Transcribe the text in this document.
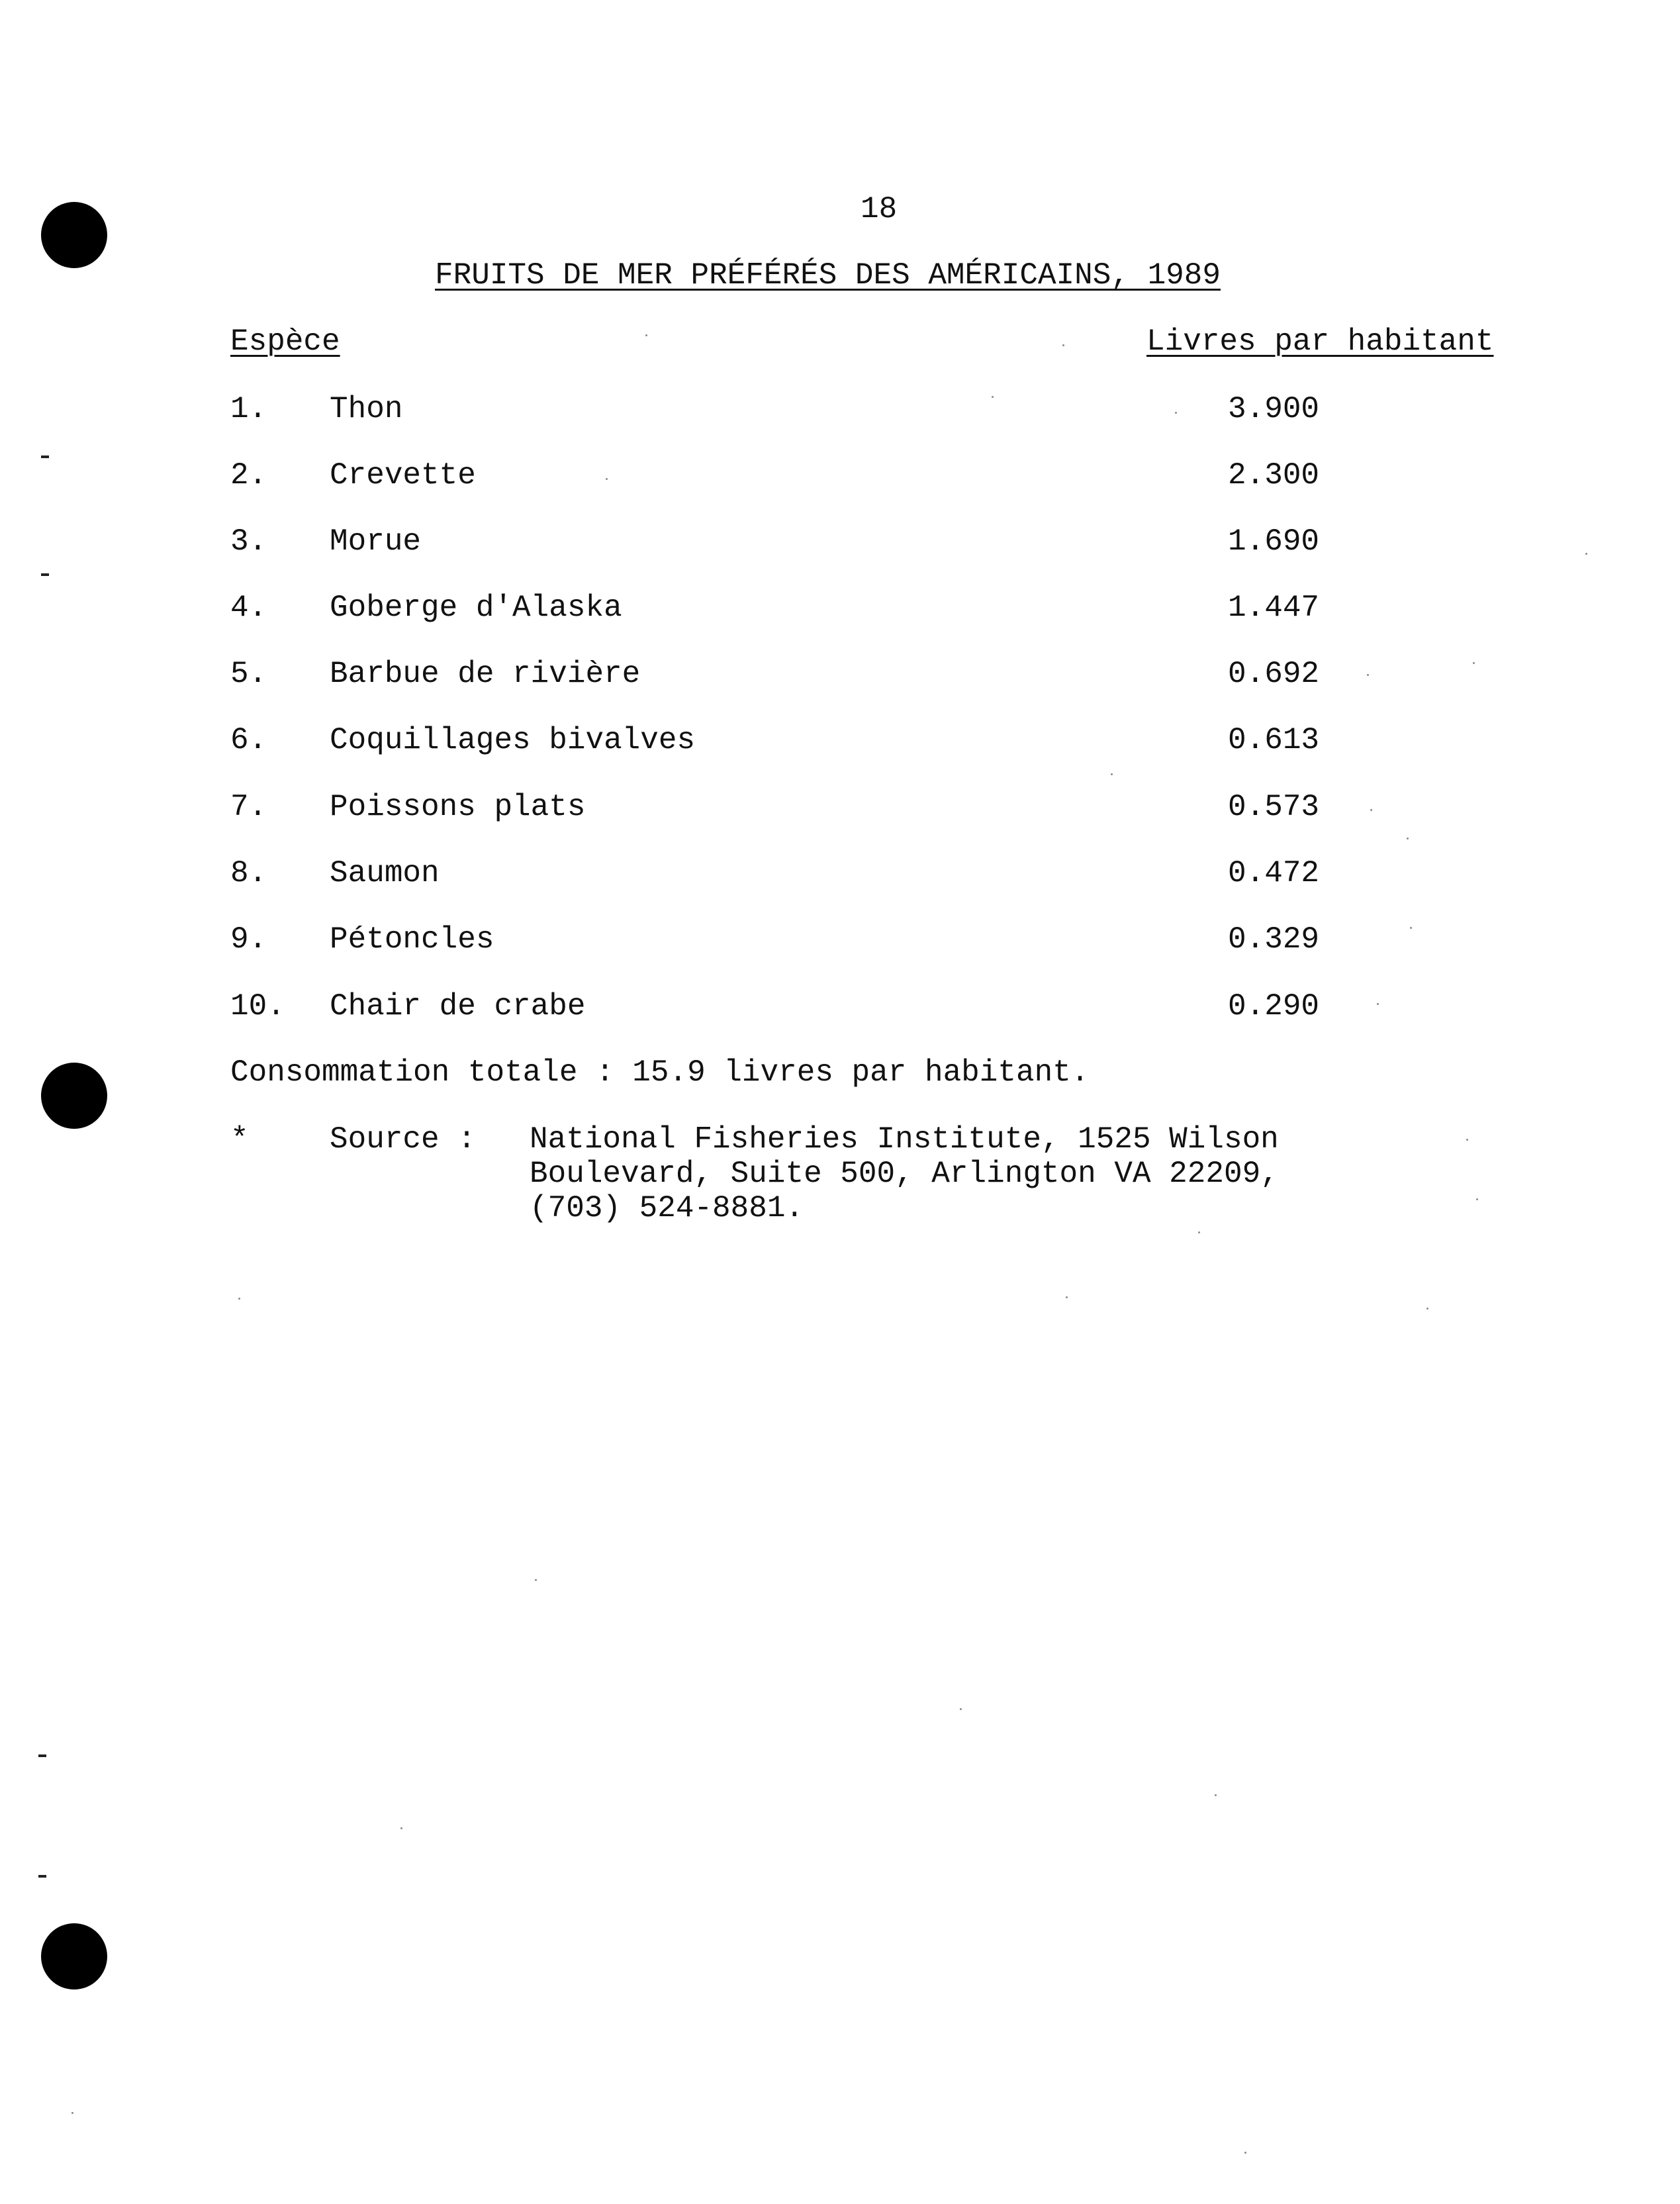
18
FRUITS DE MER PRÉFÉRÉS DES AMÉRICAINS, 1989
Espèce	Livres par habitant
1. Thon	3.900
2. Crevette	2.300
3. Morue	1.690
4. Goberge d'Alaska	1.447
5. Barbue de rivière	0.692
6. Coquillages bivalves	0.613
7. Poissons plats	0.573
8. Saumon	0.472
9. Pétoncles	0.329
10. Chair de crabe	0.290
Consommation totale : 15.9 livres par habitant.
*	Source : National Fisheries Institute, 1525 Wilson
Boulevard, Suite 500, Arlington VA 22209,
(703) 524-8881.
